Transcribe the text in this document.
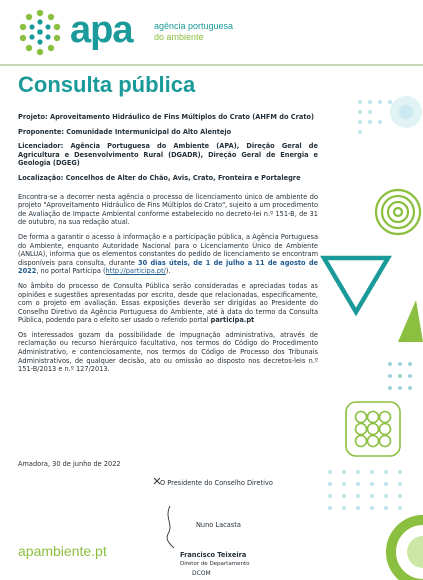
apa agência portuguesa
do ambiente
Consulta pública

Projeto: Aproveitamento Hidráulico de Fins Múltiplos do Crato (AHFM do Crato)

Proponente: Comunidade Intermunicipal do Alto Alentejo

Licenciador: Agência Portuguesa do Ambiente (APA), Direção Geral de Agricultura e Desenvolvimento Rural (DGADR), Direção Geral de Energia e Geologia (DGEG)

Localização: Concelhos de Alter do Chão, Avis, Crato, Fronteira e Portalegre

Encontra-se a decorrer nesta agência o processo de licenciamento único de ambiente do projeto "Aproveitamento Hidráulico de Fins Múltiplos do Crato", sujeito a um procedimento de Avaliação de Impacte Ambiental conforme estabelecido no decreto-lei n.º 151-B, de 31 de outubro, na sua redação atual.

De forma a garantir o acesso à informação e a participação pública, a Agência Portuguesa do Ambiente, enquanto Autoridade Nacional para o Licenciamento Único de Ambiente (ANLUA), informa que os elementos constantes do pedido de licenciamento se encontram disponíveis para consulta, durante 30 dias úteis, de 1 de julho a 11 de agosto de 2022, no portal Participa (http://participa.pt/).

No âmbito do processo de Consulta Pública serão consideradas e apreciadas todas as opiniões e sugestões apresentadas por escrito, desde que relacionadas, especificamente, com o projeto em avaliação. Essas exposições deverão ser dirigidas ao Presidente do Conselho Diretivo da Agência Portuguesa do Ambiente, até à data do termo da Consulta Pública, podendo para o efeito ser usado o referido portal participa.pt

Os interessados gozam da possibilidade de impugnação administrativa, através de reclamação ou recurso hierárquico facultativo, nos termos do Código do Procedimento Administrativo, e contenciosamente, nos termos do Código de Processo dos Tribunais Administrativos, de qualquer decisão, ato ou omissão ao disposto nos decretos-leis n.º 151-B/2013 e n.º 127/2013.

Amadora, 30 de junho de 2022
O Presidente do Conselho Diretivo
Nuno Lacasta
Francisco Teixeira
Diretor de Departamento
DCOM
apambiente.pt
